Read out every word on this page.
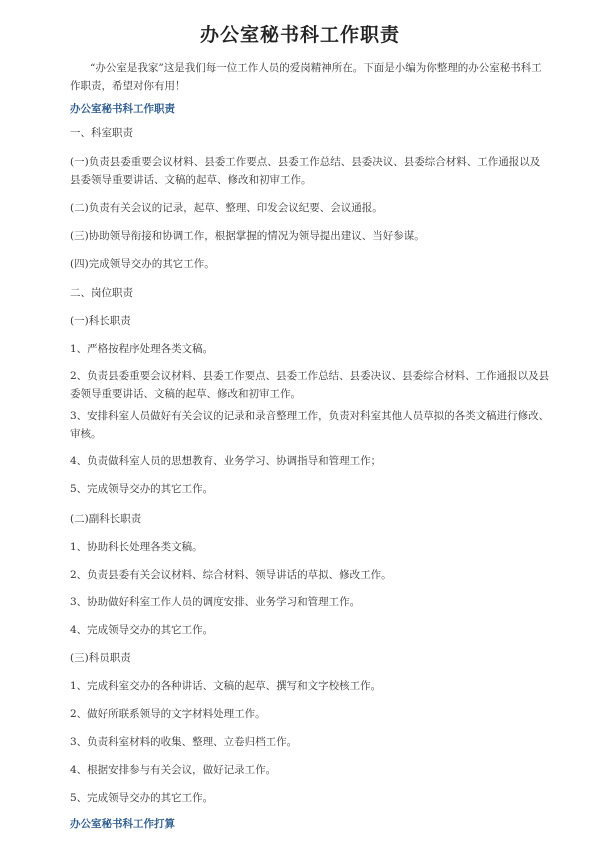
办公室秘书科工作职责
“办公室是我家”这是我们每一位工作人员的爱岗精神所在。下面是小编为你整理的办公室秘书科工作职责，希望对你有用！
办公室秘书科工作职责
一、科室职责
(一)负责县委重要会议材料、县委工作要点、县委工作总结、县委决议、县委综合材料、工作通报以及县委领导重要讲话、文稿的起草、修改和初审工作。
(二)负责有关会议的记录，起草、整理、印发会议纪要、会议通报。
(三)协助领导衔接和协调工作，根据掌握的情况为领导提出建议、当好参谋。
(四)完成领导交办的其它工作。
二、岗位职责
(一)科长职责
1、严格按程序处理各类文稿。
2、负责县委重要会议材料、县委工作要点、县委工作总结、县委决议、县委综合材料、工作通报以及县委领导重要讲话、文稿的起草、修改和初审工作。
3、安排科室人员做好有关会议的记录和录音整理工作，负责对科室其他人员草拟的各类文稿进行修改、审核。
4、负责做科室人员的思想教育、业务学习、协调指导和管理工作；
5、完成领导交办的其它工作。
(二)副科长职责
1、协助科长处理各类文稿。
2、负责县委有关会议材料、综合材料、领导讲话的草拟、修改工作。
3、协助做好科室工作人员的调度安排、业务学习和管理工作。
4、完成领导交办的其它工作。
(三)科员职责
1、完成科室交办的各种讲话、文稿的起草、撰写和文字校核工作。
2、做好所联系领导的文字材料处理工作。
3、负责科室材料的收集、整理、立卷归档工作。
4、根据安排参与有关会议，做好记录工作。
5、完成领导交办的其它工作。
办公室秘书科工作打算
